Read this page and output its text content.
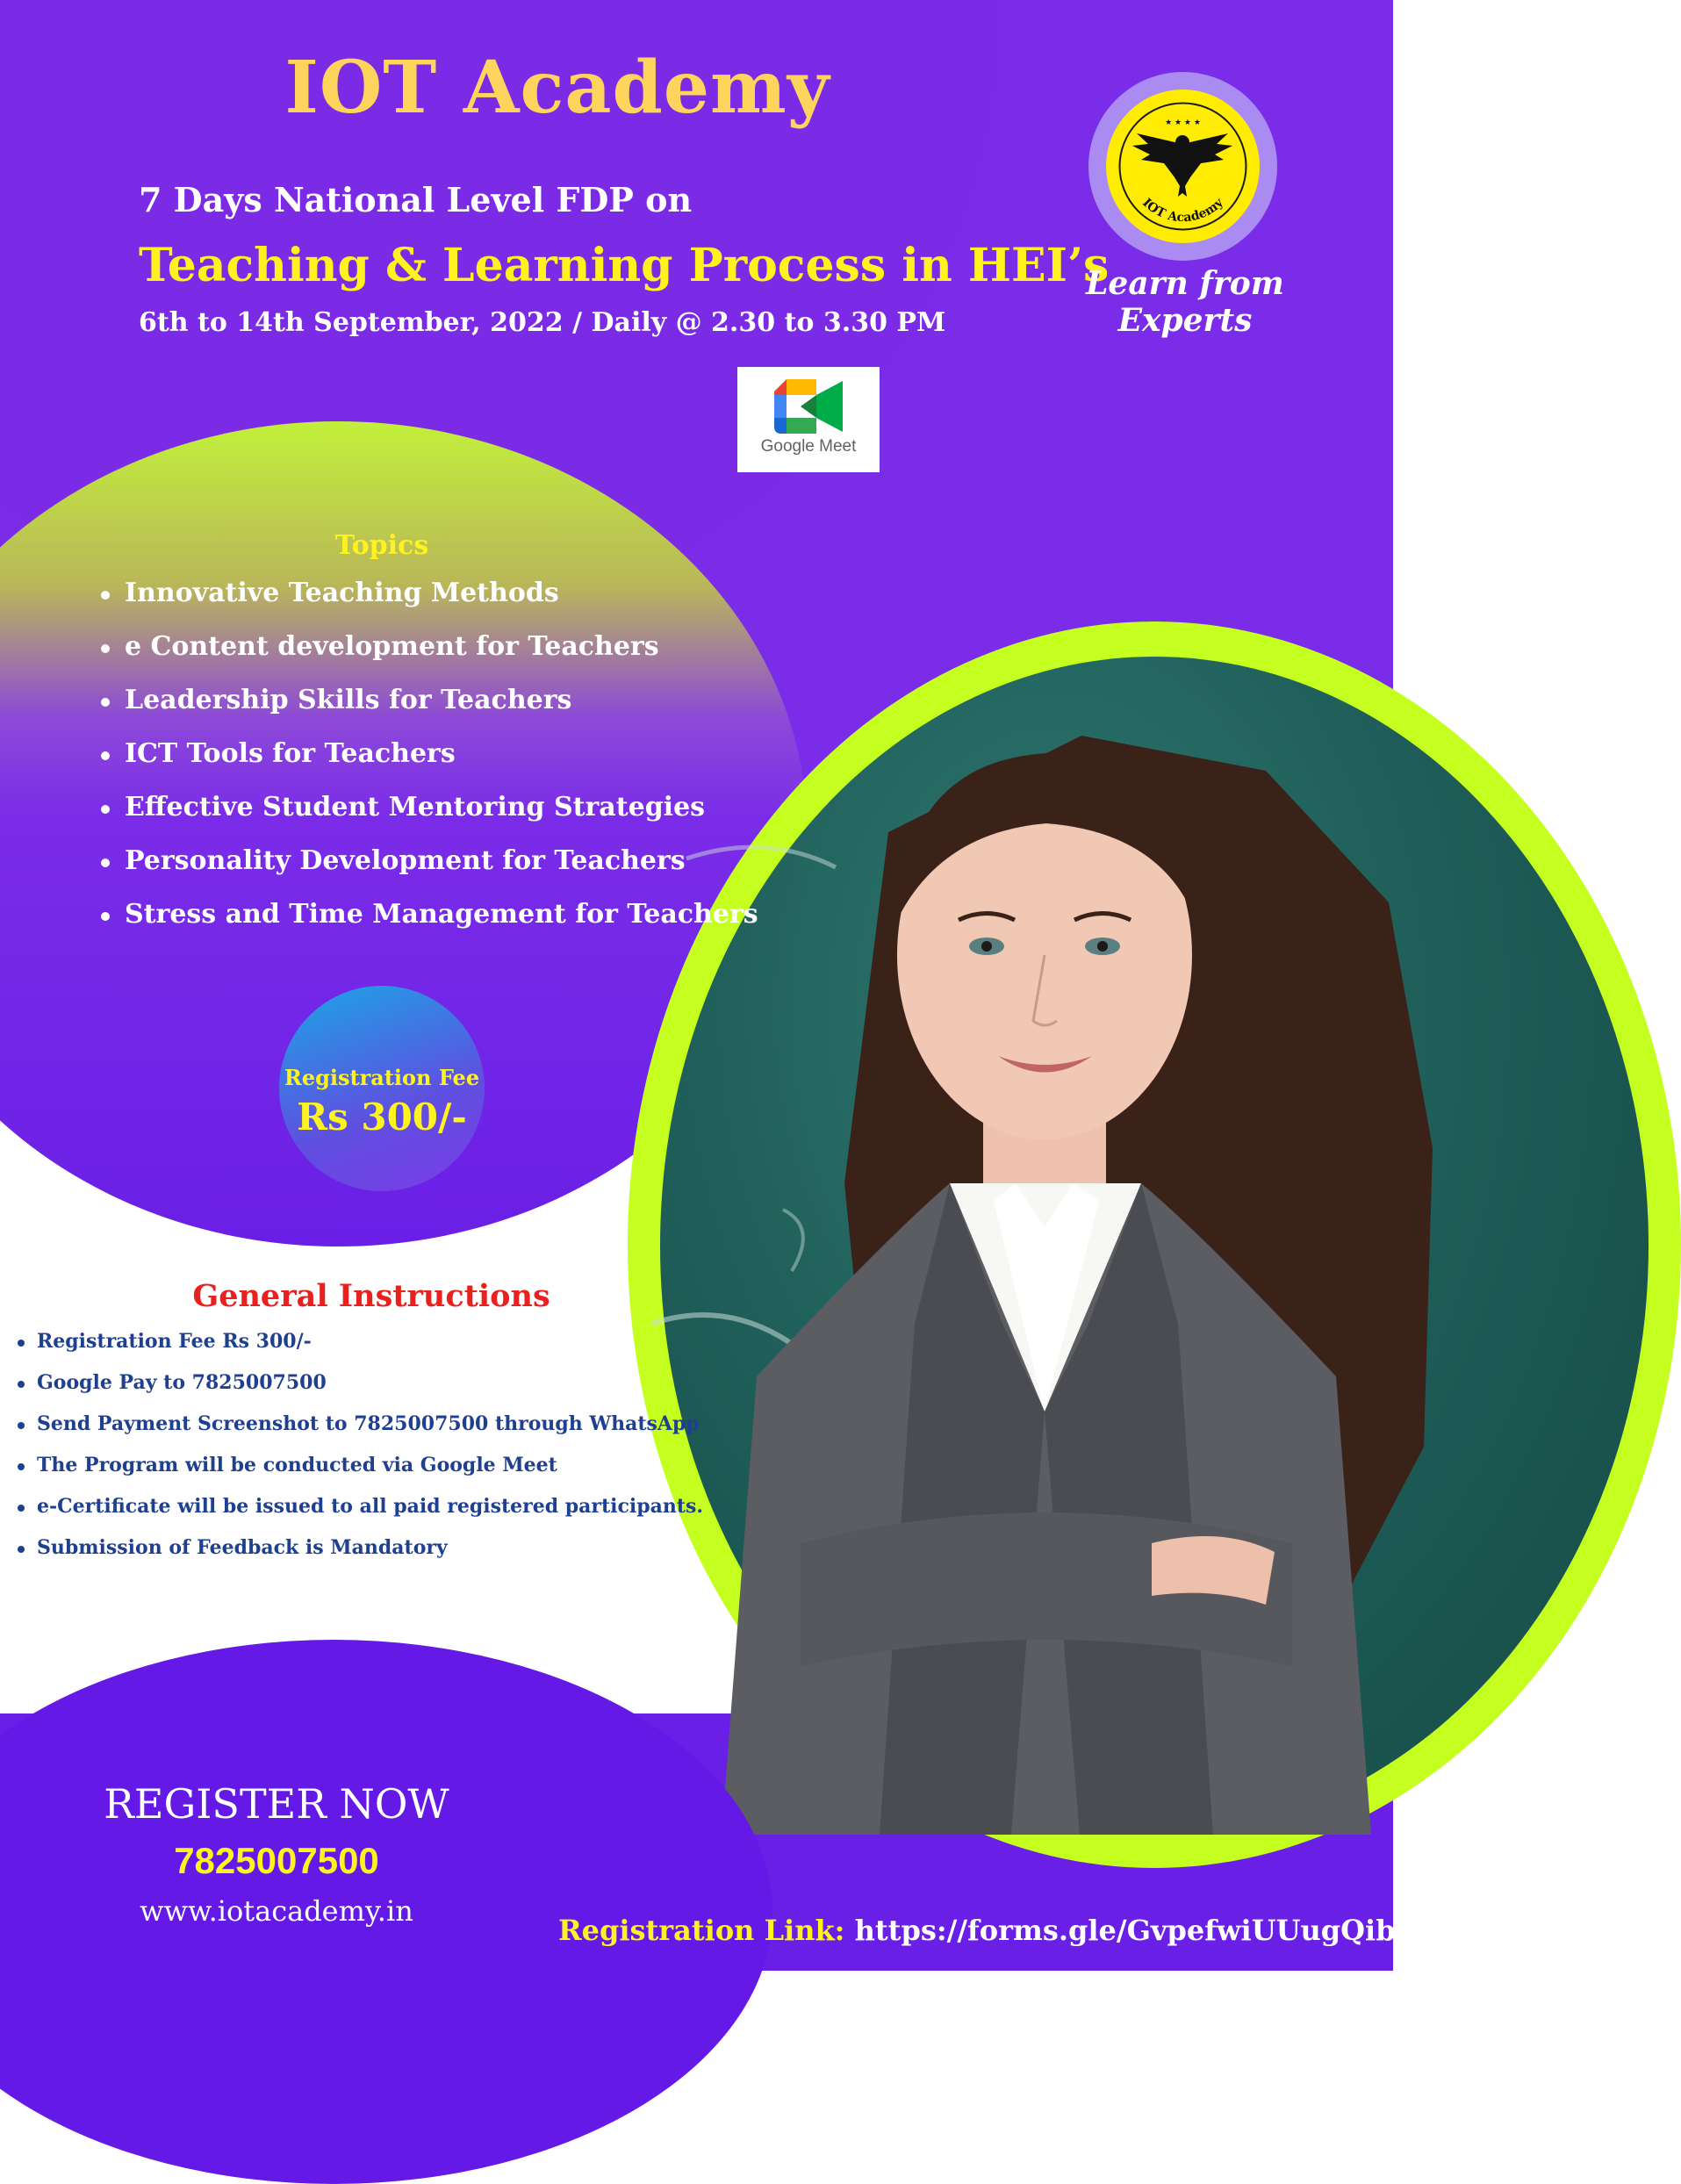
IOT Academy

7 Days National Level FDP on

Teaching & Learning Process in HEI’s

6th to 14th September, 2022 / Daily @ 2.30 to 3.30 PM

★ ★ ★ ★
IOT Academy

Learn from Experts

Google Meet

Topics

Innovative Teaching Methods
e Content development for Teachers
Leadership Skills for Teachers
ICT Tools for Teachers
Effective Student Mentoring Strategies
Personality Development for Teachers
Stress and Time Management for Teachers
Registration Fee
Rs 300/-

General Instructions

Registration Fee Rs 300/-
Google Pay to 7825007500
Send Payment Screenshot to 7825007500 through WhatsApp
The Program will be conducted via Google Meet
e-Certificate will be issued to all paid registered participants.
Submission of Feedback is Mandatory

REGISTER NOW

7825007500

www.iotacademy.in

Registration Link: https://forms.gle/GvpefwiUUugQibnp9
